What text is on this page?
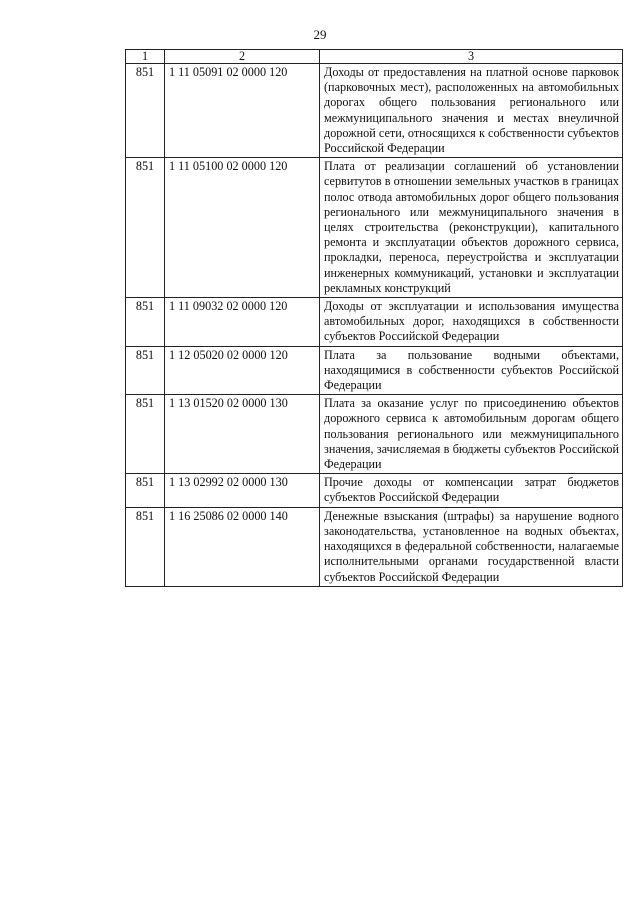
29
1	2	3
851	1 11 05091 02 0000 120	Доходы от предоставления на платной основе парковок (парковочных мест), расположенных на автомобильных дорогах общего пользования регионального или межмуниципального значения и местах внеуличной дорожной сети, относящихся к собственности субъектов Российской Федерации
851	1 11 05100 02 0000 120	Плата от реализации соглашений об установлении сервитутов в отношении земельных участков в границах полос отвода автомобильных дорог общего пользования регионального или межмуниципального значения в целях строительства (реконструкции), капитального ремонта и эксплуатации объектов дорожного сервиса, прокладки, переноса, переустройства и эксплуатации инженерных коммуникаций, установки и эксплуатации рекламных конструкций
851	1 11 09032 02 0000 120	Доходы от эксплуатации и использования имущества автомобильных дорог, находящихся в собственности субъектов Российской Федерации
851	1 12 05020 02 0000 120	Плата за пользование водными объектами, находящимися в собственности субъектов Российской Федерации
851	1 13 01520 02 0000 130	Плата за оказание услуг по присоединению объектов дорожного сервиса к автомобильным дорогам общего пользования регионального или межмуниципального значения, зачисляемая в бюджеты субъектов Российской Федерации
851	1 13 02992 02 0000 130	Прочие доходы от компенсации затрат бюджетов субъектов Российской Федерации
851	1 16 25086 02 0000 140	Денежные взыскания (штрафы) за нарушение водного законодательства, установленное на водных объектах, находящихся в федеральной собственности, налагаемые исполнительными органами государственной власти субъектов Российской Федерации
